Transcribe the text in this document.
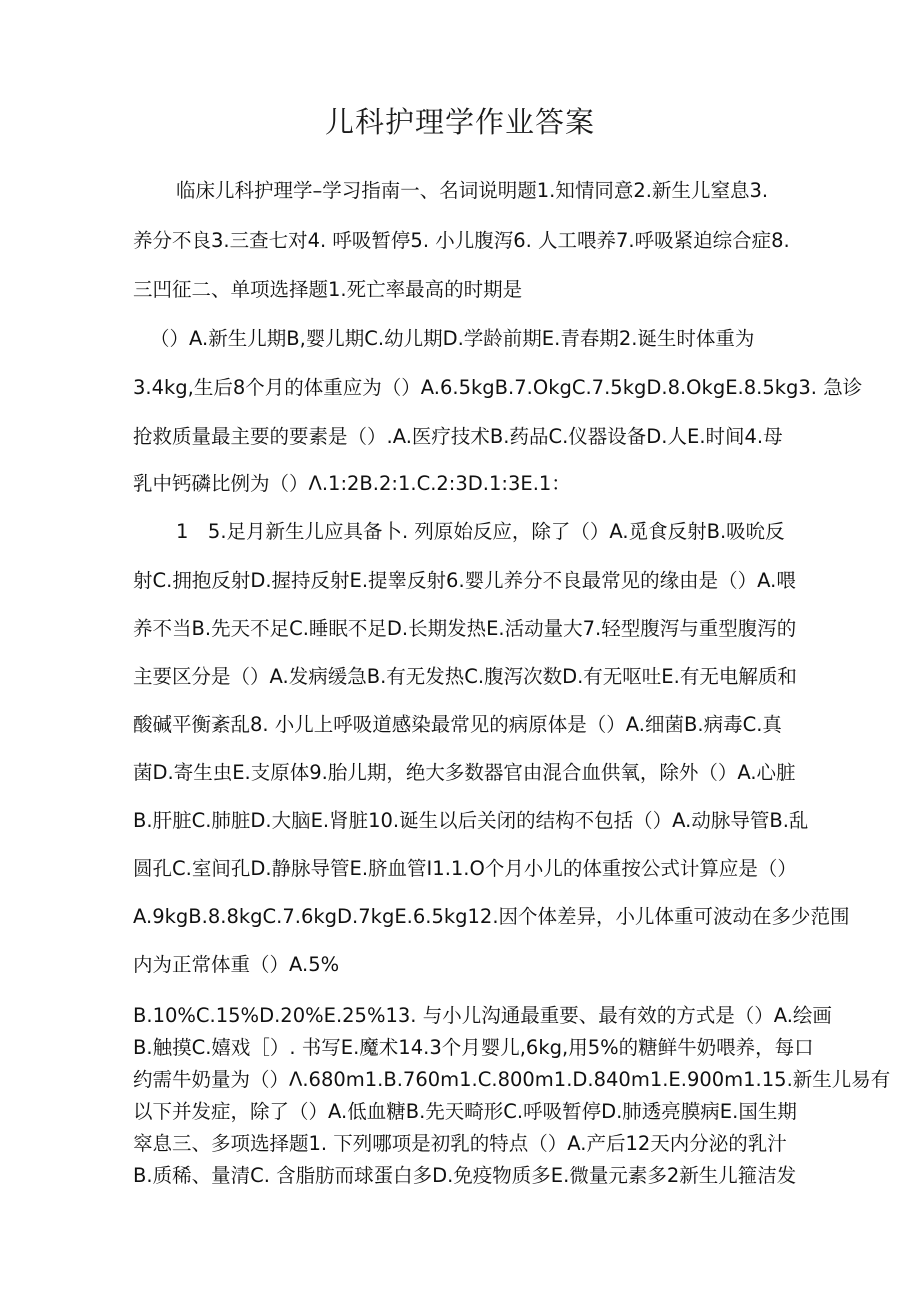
儿科护理学作业答案
临床儿科护理学–学习指南一、名词说明题1.知情同意2.新生儿窒息3.
养分不良3.三查七对4. 呼吸暂停5. 小儿腹泻6. 人工喂养7.呼吸紧迫综合症8.
三凹征二、单项选择题1.死亡率最高的时期是
（）A.新生儿期B,婴儿期C.幼儿期D.学龄前期E.青春期2.诞生时体重为
3.4kg,生后8个月的体重应为（）A.6.5kgB.7.OkgC.7.5kgD.8.OkgE.8.5kg3. 急诊
抢救质量最主要的要素是（）.A.医疗技术B.药品C.仪器设备D.人E.时间4.母
乳中钙磷比例为（）Λ.1:2B.2:1.C.2:3D.1:3E.1：
1　5.足月新生儿应具备卜. 列原始反应，除了（）A.觅食反射B.吸吮反
射C.拥抱反射D.握持反射E.提睾反射6.婴儿养分不良最常见的缘由是（）A.喂
养不当B.先天不足C.睡眠不足D.长期发热E.活动量大7.轻型腹泻与重型腹泻的
主要区分是（）A.发病缓急B.有无发热C.腹泻次数D.有无呕吐E.有无电解质和
酸碱平衡紊乱8. 小儿上呼吸道感染最常见的病原体是（）A.细菌B.病毒C.真
菌D.寄生虫E.支原体9.胎儿期，绝大多数器官由混合血供氧，除外（）A.心脏
B.肝脏C.肺脏D.大脑E.肾脏10.诞生以后关闭的结构不包括（）A.动脉导管B.乱
圆孔C.室间孔D.静脉导管E.脐血管I1.1.O个月小儿的体重按公式计算应是（）
A.9kgB.8.8kgC.7.6kgD.7kgE.6.5kg12.因个体差异，小儿体重可波动在多少范围
内为正常体重（）A.5%
B.10%C.15%D.20%E.25%13. 与小儿沟通最重要、最有效的方式是（）A.绘画
B.触摸C.嬉戏［）. 书写E.魔术14.3个月婴儿,6kg,用5%的糖鲜牛奶喂养，每口
约需牛奶量为（）Λ.680m1.B.760m1.C.800m1.D.840m1.E.900m1.15.新生儿易有
以下并发症，除了（）A.低血糖B.先天畸形C.呼吸暂停D.肺透亮膜病E.国生期
窣息三、多项选择题1. 下列哪项是初乳的特点（）A.产后12天内分泌的乳汁
B.质稀、量清C. 含脂肪而球蛋白多D.免疫物质多E.微量元素多2新生儿箍洁发
